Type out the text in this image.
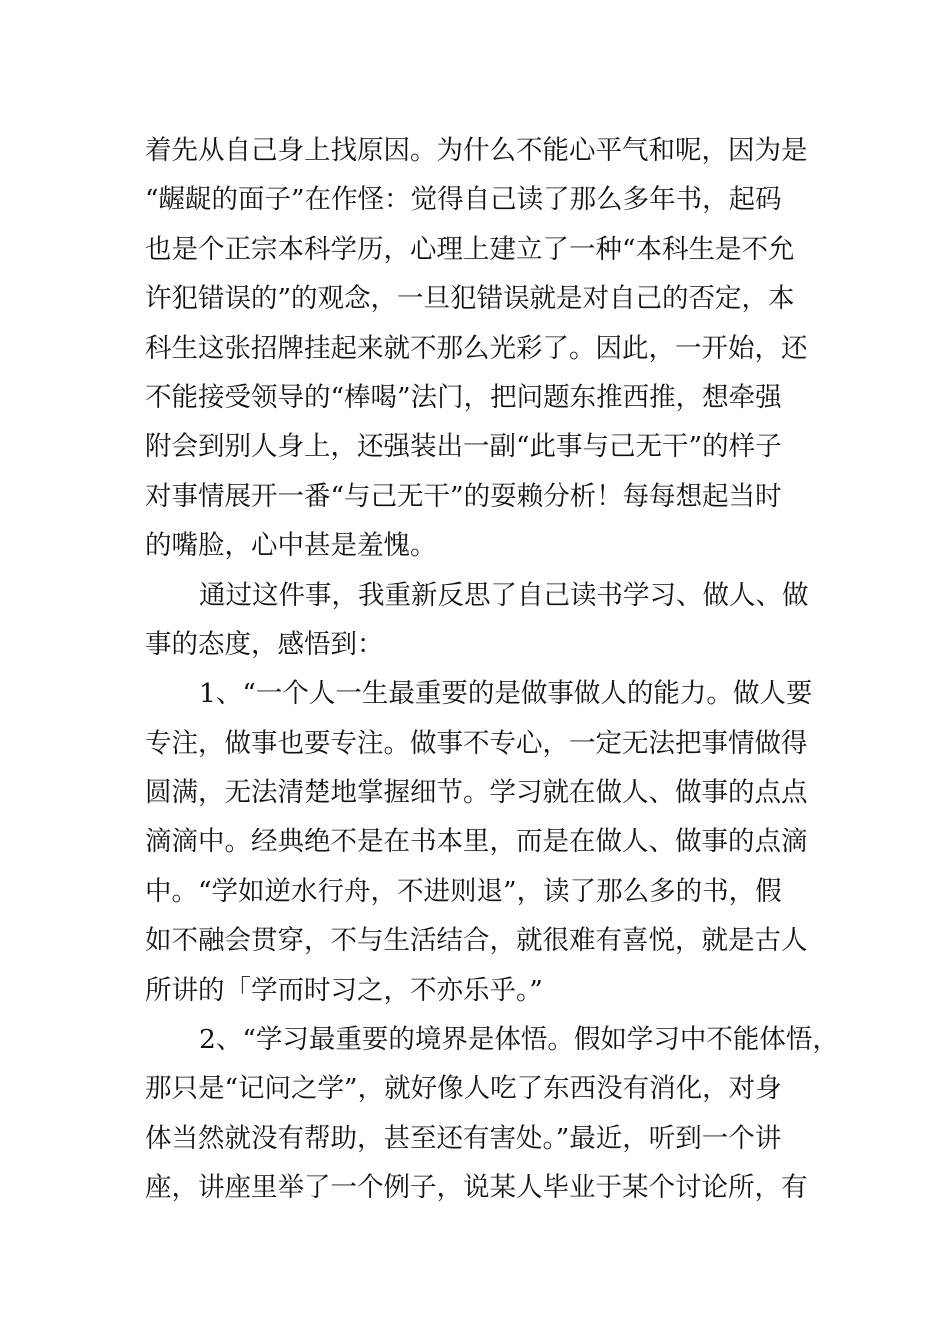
着先从自己身上找原因。为什么不能心平气和呢，因为是
“龌龊的面子”在作怪：觉得自己读了那么多年书，起码
也是个正宗本科学历，心理上建立了一种“本科生是不允
许犯错误的”的观念，一旦犯错误就是对自己的否定，本
科生这张招牌挂起来就不那么光彩了。因此，一开始，还
不能接受领导的“棒喝”法门，把问题东推西推，想牵强
附会到别人身上，还强装出一副“此事与己无干”的样子
对事情展开一番“与己无干”的耍赖分析！每每想起当时
的嘴脸，心中甚是羞愧。
通过这件事，我重新反思了自己读书学习、做人、做
事的态度，感悟到：
1、“一个人一生最重要的是做事做人的能力。做人要
专注，做事也要专注。做事不专心，一定无法把事情做得
圆满，无法清楚地掌握细节。学习就在做人、做事的点点
滴滴中。经典绝不是在书本里，而是在做人、做事的点滴
中。“学如逆水行舟，不进则退”，读了那么多的书，假
如不融会贯穿，不与生活结合，就很难有喜悦，就是古人
所讲的「学而时习之，不亦乐乎。”
2、“学习最重要的境界是体悟。假如学习中不能体悟，
那只是“记问之学”，就好像人吃了东西没有消化，对身
体当然就没有帮助，甚至还有害处。”最近，听到一个讲
座，讲座里举了一个例子，说某人毕业于某个讨论所，有
